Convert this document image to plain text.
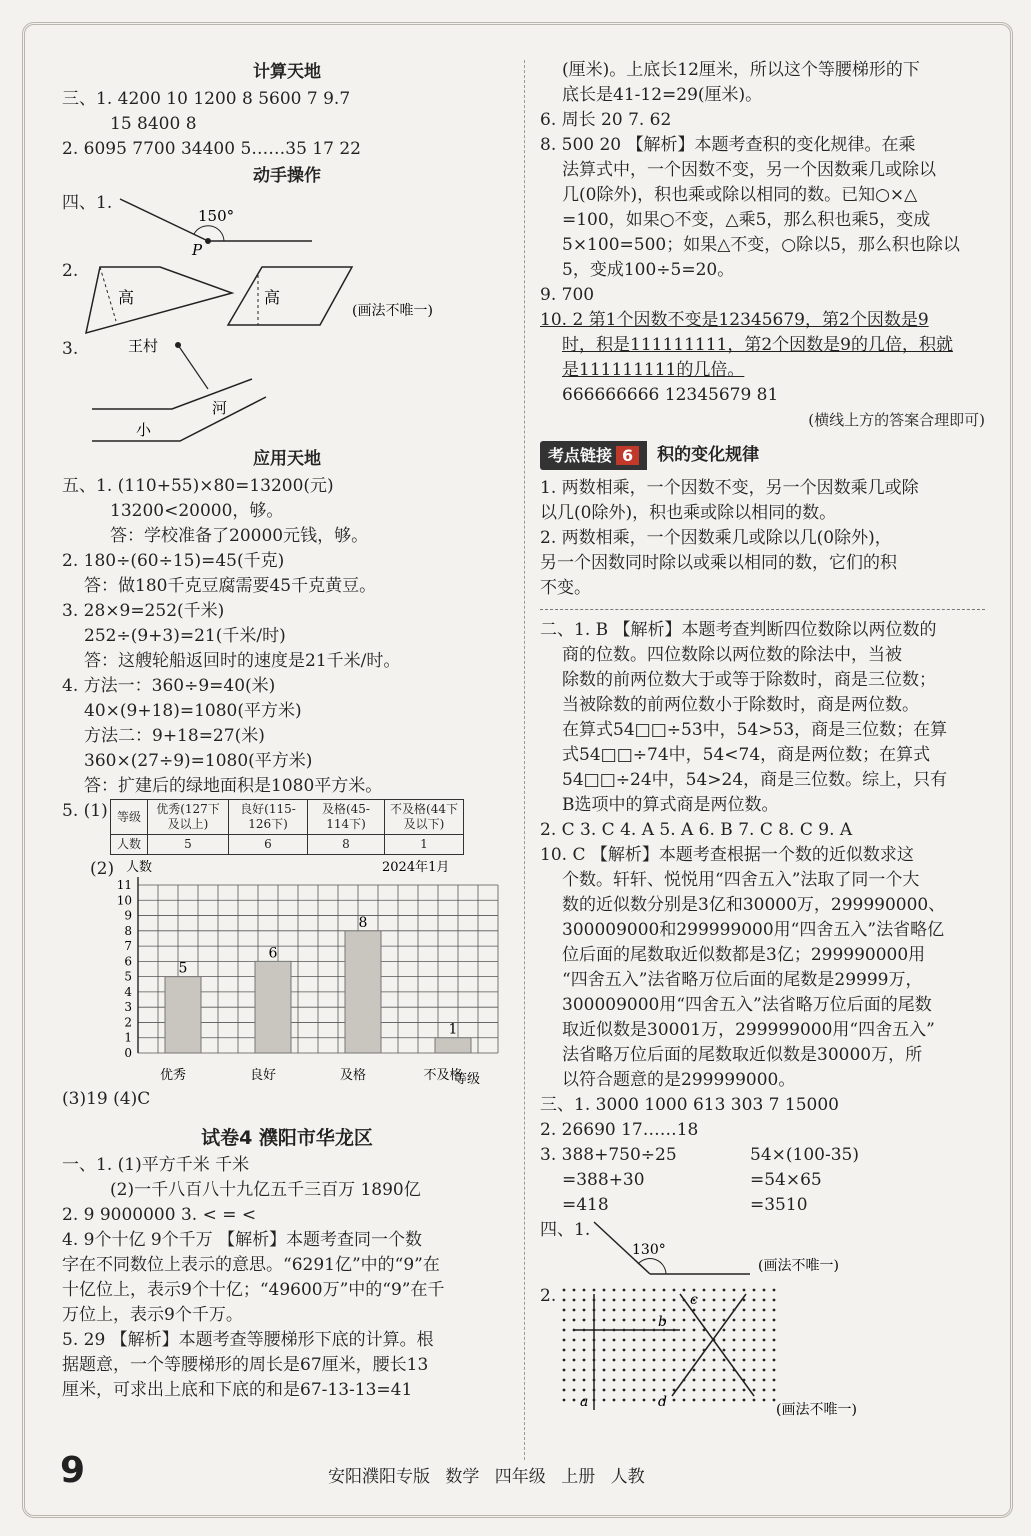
计算天地
三、1. 4200 10 1200 8 5600 7 9.7
15 8400 8
2. 6095 7700 34400 5……35 17 22
动手操作
四、1.
150°
P
2.
高	高
(画法不唯一)
3.	王村
河
小
应用天地
五、1. (110+55)×80=13200(元)
13200<20000，够。
答：学校准备了20000元钱，够。
2. 180÷(60÷15)=45(千克)
答：做180千克豆腐需要45千克黄豆。
3. 28×9=252(千米)
252÷(9+3)=21(千米/时)
答：这艘轮船返回时的速度是21千米/时。
4. 方法一：360÷9=40(米)
40×(9+18)=1080(平方米)
方法二：9+18=27(米)
360×(27÷9)=1080(平方米)
答：扩建后的绿地面积是1080平方米。
5. (1) 等级	优秀(127下及以上)	良好(115-126下)	及格(45-114下)	不及格(44下及以下)
人数	5	6	8	1
(2)
0
1
2
3
4
5
6
7
8
9
10
11
5
优秀
6
良好
8
及格
1
不及格
2024年1月
人数
等级
(3)19 (4)C
试卷4 濮阳市华龙区
一、1. (1)平方千米 千米
(2)一千八百八十九亿五千三百万 1890亿
2. 9 9000000 3. < = <
4. 9个十亿 9个千万 【解析】本题考查同一个数
字在不同数位上表示的意思。“6291亿”中的“9”在
十亿位上，表示9个十亿；“49600万”中的“9”在千
万位上，表示9个千万。
5. 29 【解析】本题考查等腰梯形下底的计算。根
据题意，一个等腰梯形的周长是67厘米，腰长13
厘米，可求出上底和下底的和是67-13-13=41
(厘米)。上底长12厘米，所以这个等腰梯形的下
底长是41-12=29(厘米)。
6. 周长 20 7. 62
8. 500 20 【解析】本题考查积的变化规律。在乘
法算式中，一个因数不变，另一个因数乘几或除以
几(0除外)，积也乘或除以相同的数。已知○×△
=100，如果○不变，△乘5，那么积也乘5，变成
5×100=500；如果△不变，○除以5，那么积也除以
5，变成100÷5=20。
9. 700
10. 2 第1个因数不变是12345679，第2个因数是9
时，积是111111111，第2个因数是9的几倍，积就
是111111111的几倍。
666666666 12345679 81
(横线上方的答案合理即可)
考点链接 6	积的变化规律
1. 两数相乘，一个因数不变，另一个因数乘几或除
以几(0除外)，积也乘或除以相同的数。
2. 两数相乘，一个因数乘几或除以几(0除外)，
另一个因数同时除以或乘以相同的数，它们的积
不变。
二、1. B 【解析】本题考查判断四位数除以两位数的
商的位数。四位数除以两位数的除法中，当被
除数的前两位数大于或等于除数时，商是三位数；
当被除数的前两位数小于除数时，商是两位数。
在算式54□□÷53中，54>53，商是三位数；在算
式54□□÷74中，54<74，商是两位数；在算式
54□□÷24中，54>24，商是三位数。综上，只有
B选项中的算式商是两位数。
2. C 3. C 4. A 5. A 6. B 7. C 8. C 9. A
10. C 【解析】本题考查根据一个数的近似数求这
个数。轩轩、悦悦用“四舍五入”法取了同一个大
数的近似数分别是3亿和30000万，299990000、
300009000和299999000用“四舍五入”法省略亿
位后面的尾数取近似数都是3亿；299990000用
“四舍五入”法省略万位后面的尾数是29999万，
300009000用“四舍五入”法省略万位后面的尾数
取近似数是30001万，299999000用“四舍五入”
法省略万位后面的尾数取近似数是30000万，所
以符合题意的是299999000。
三、1. 3000 1000 613 303 7 15000
2. 26690 17……18
3. 388+750÷25	54×(100-35)
=388+30	=54×65
=418	=3510
四、1.
130°
(画法不唯一)
2.
a
b
c
d	(画法不唯一)
9	安阳濮阳专版 数学 四年级 上册 人教
